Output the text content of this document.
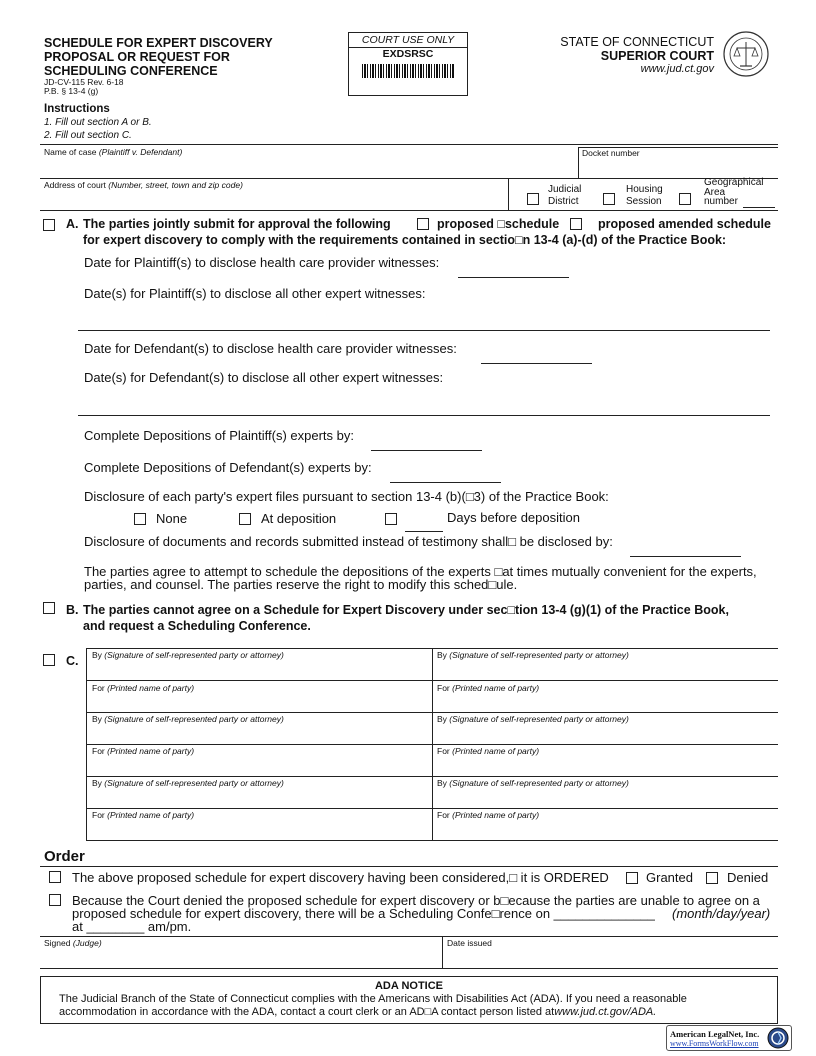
SCHEDULE FOR EXPERT DISCOVERY
PROPOSAL OR REQUEST FOR
SCHEDULING CONFERENCE
JD-CV-115 Rev. 6-18
P.B. § 13-4 (g)
COURT USE ONLY
EXDSRSC
STATE OF CONNECTICUT
SUPERIOR COURT
www.jud.ct.gov
Instructions
1. Fill out section A or B.
2. Fill out section C.
Name of case (Plaintiff v. Defendant)	Docket number
Address of court (Number, street, town and zip code)	Judicial
District
Housing
Session
Geographical
Area
number
A. The parties jointly submit for approval the following	proposed □schedule	proposed amended schedule
for expert discovery to comply with the requirements contained in sectio□n 13-4 (a)-(d) of the Practice Book:
Date for Plaintiff(s) to disclose health care provider witnesses:
Date(s) for Plaintiff(s) to disclose all other expert witnesses:
Date for Defendant(s) to disclose health care provider witnesses:
Date(s) for Defendant(s) to disclose all other expert witnesses:
Complete Depositions of Plaintiff(s) experts by:
Complete Depositions of Defendant(s) experts by:
Disclosure of each party's expert files pursuant to section 13-4 (b)(□3) of the Practice Book:
None	At deposition	Days before deposition
Disclosure of documents and records submitted instead of testimony shall□ be disclosed by:
The parties agree to attempt to schedule the depositions of the experts □at times mutually convenient for the experts,
parties, and counsel. The parties reserve the right to modify this sched□ule.
B. The parties cannot agree on a Schedule for Expert Discovery under sec□tion 13-4 (g)(1) of the Practice Book,
and request a Scheduling Conference.
C. By (Signature of self-represented party or attorney)	By (Signature of self-represented party or attorney)
For (Printed name of party)	For (Printed name of party)
By (Signature of self-represented party or attorney)	By (Signature of self-represented party or attorney)
For (Printed name of party)	For (Printed name of party)
By (Signature of self-represented party or attorney)	By (Signature of self-represented party or attorney)
For (Printed name of party)	For (Printed name of party)
Order
The above proposed schedule for expert discovery having been considered,□ it is ORDERED	Granted	Denied
Because the Court denied the proposed schedule for expert discovery or b□ecause the parties are unable to agree on a
proposed schedule for expert discovery, there will be a Scheduling Confe□rence on ______________ (month/day/year)
at ________ am/pm.
Signed (Judge)	Date issued
ADA NOTICE
The Judicial Branch of the State of Connecticut complies with the Americans with Disabilities Act (ADA). If you need a reasonable
accommodation in accordance with the ADA, contact a court clerk or an AD□A contact person listed atwww.jud.ct.gov/ADA.
American LegalNet, Inc.
www.FormsWorkFlow.com
